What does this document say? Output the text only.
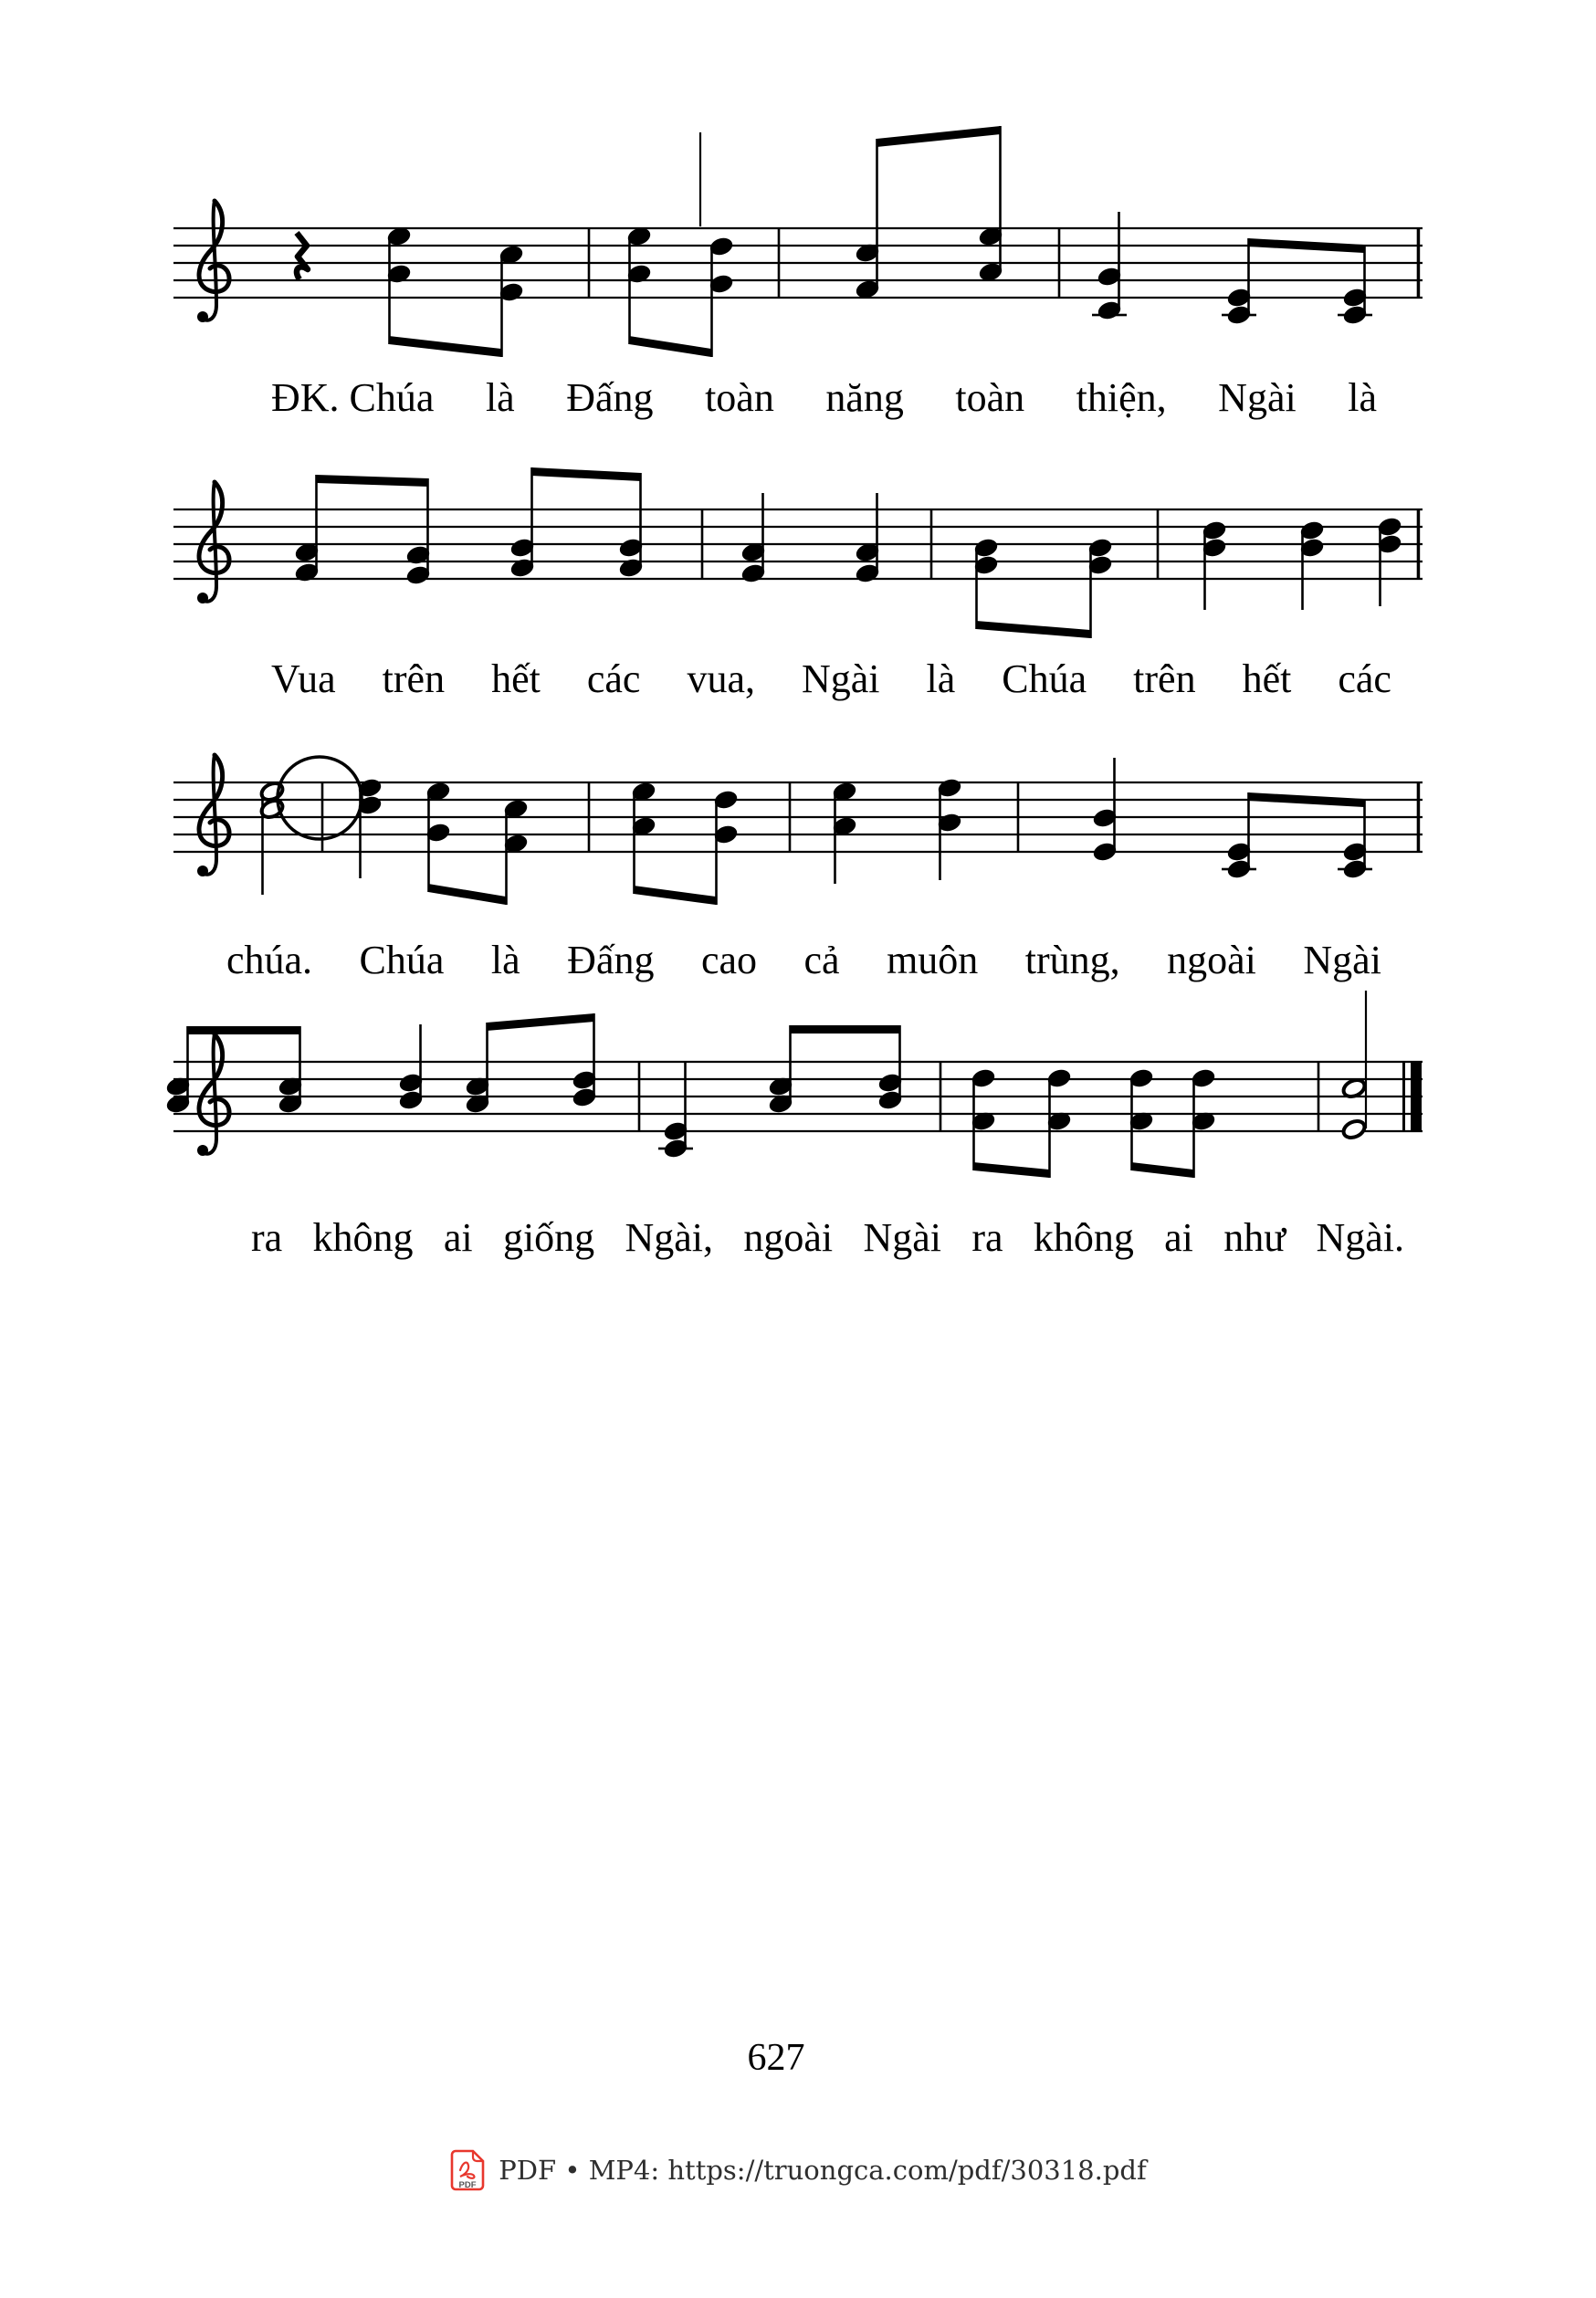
ĐK. Chúa là Đấng toàn năng toàn thiện, Ngài là
Vua trên hết các vua, Ngài là Chúa trên hết các
chúa. Chúa là Đấng cao cả muôn trùng, ngoài Ngài
ra không ai giống Ngài, ngoài Ngài ra không ai như Ngài.
627
PDF PDF • MP4: https://truongca.com/pdf/30318.pdf
